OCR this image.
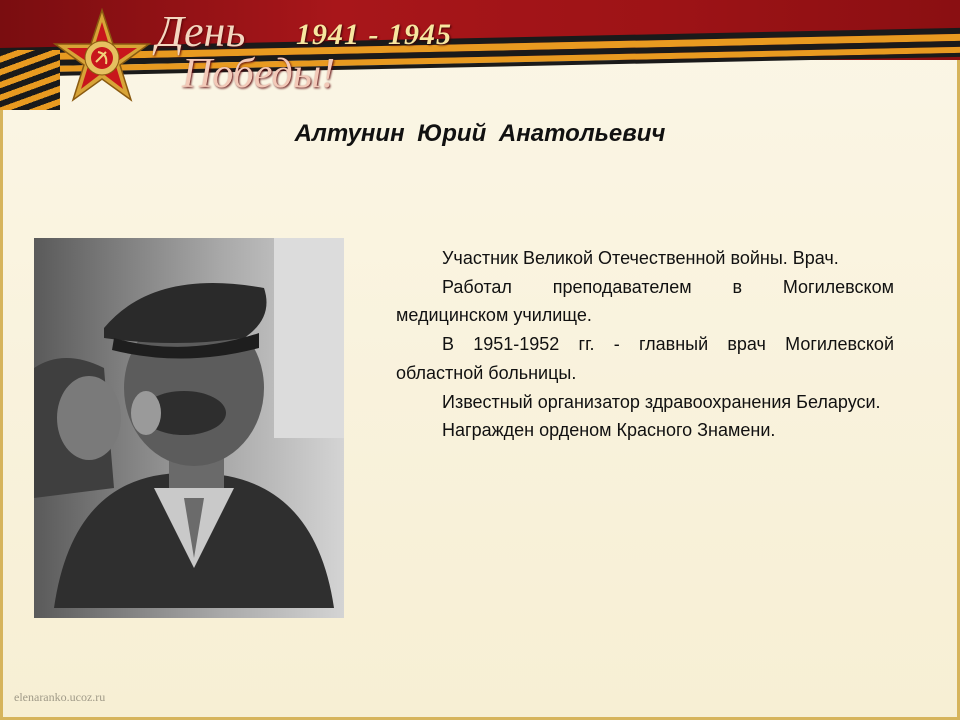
День 1941 - 1945
Победы!
Алтунин Юрий Анатольевич

Участник Великой Отечественной войны. Врач.

Работал преподавателем в Могилевском медицинском училище.

В 1951-1952 гг. - главный врач Могилевской областной больницы.

Известный организатор здравоохранения Беларуси.

Награжден орденом Красного Знамени.

elenaranko.ucoz.ru
